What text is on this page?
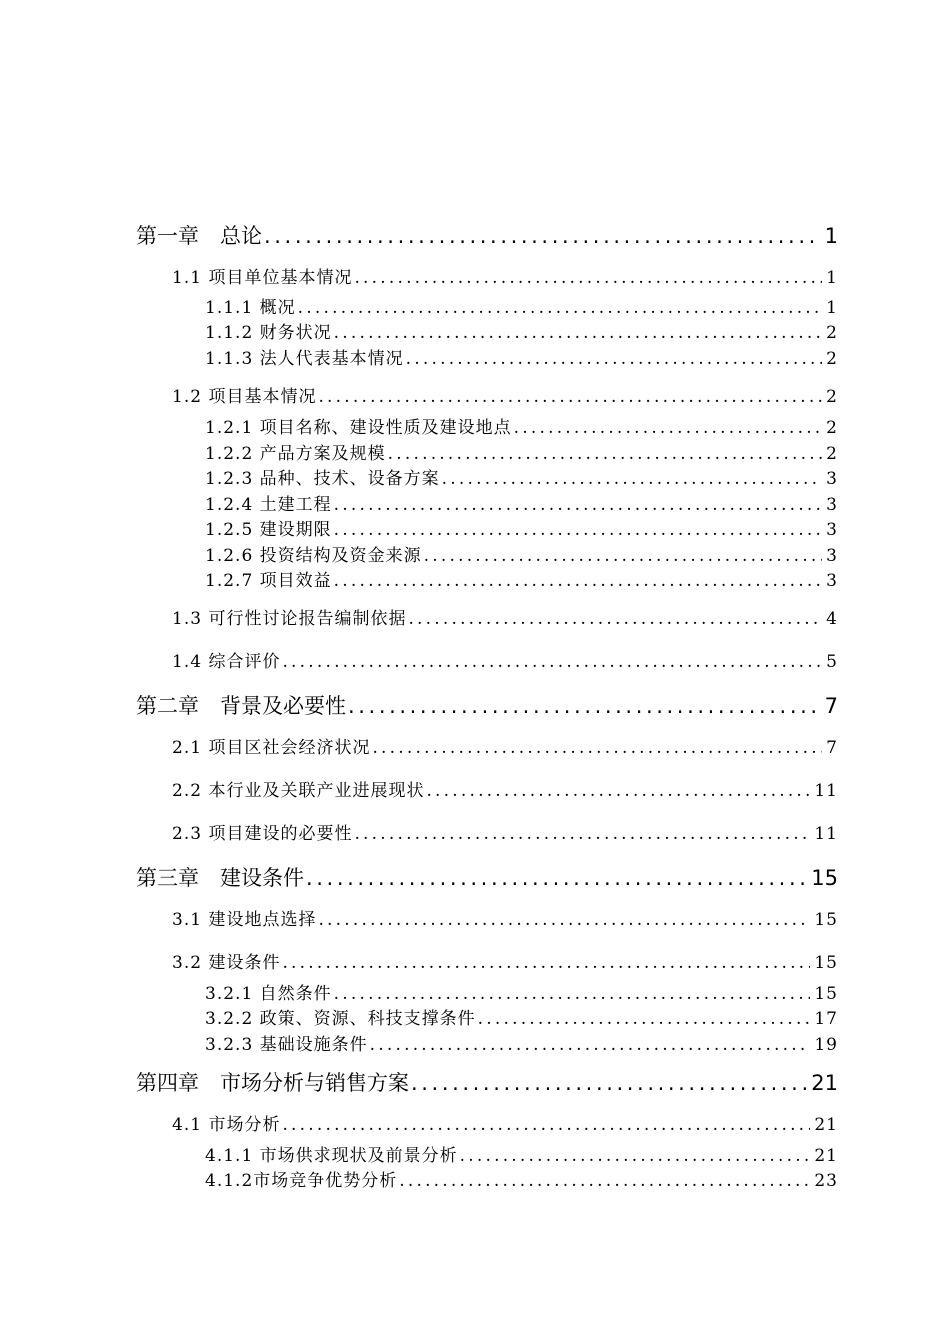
第一章　总论 .....	1
1.1 项目单位基本情况 .....	1
1.1.1 概况 .....	1
1.1.2 财务状况 .....	2
1.1.3 法人代表基本情况 .....	2
1.2 项目基本情况 .....	2
1.2.1 项目名称、建设性质及建设地点 .....	2
1.2.2 产品方案及规模 .....	2
1.2.3 品种、技术、设备方案 .....	3
1.2.4 土建工程 .....	3
1.2.5 建设期限 .....	3
1.2.6 投资结构及资金来源 .....	3
1.2.7 项目效益 .....	3
1.3 可行性讨论报告编制依据 .....	4
1.4 综合评价 .....	5
第二章　背景及必要性 .....	7
2.1 项目区社会经济状况 .....	7
2.2 本行业及关联产业进展现状 .....	11
2.3 项目建设的必要性 .....	11
第三章　建设条件 .....	15
3.1 建设地点选择 .....	15
3.2 建设条件 .....	15
3.2.1 自然条件 .....	15
3.2.2 政策、资源、科技支撑条件 .....	17
3.2.3 基础设施条件 .....	19
第四章　市场分析与销售方案 .....	21
4.1 市场分析 .....	21
4.1.1 市场供求现状及前景分析 .....	21
4.1.2市场竞争优势分析 .....	23
